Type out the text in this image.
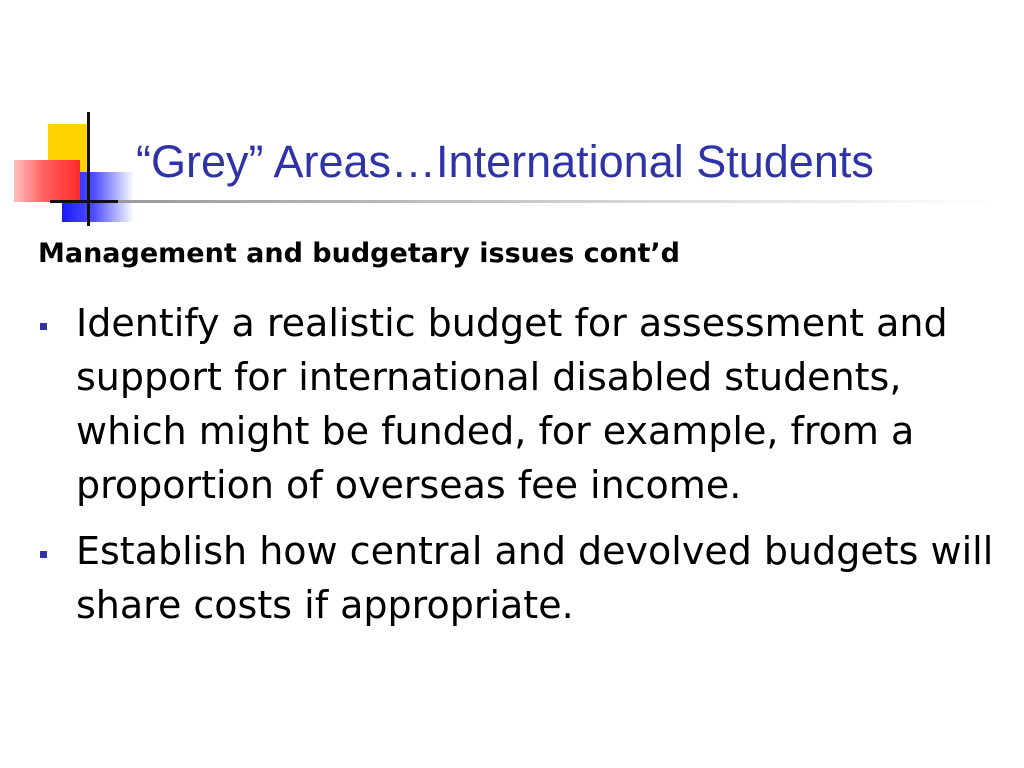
“Grey” Areas…International Students
Management and budgetary issues cont’d
Identify a realistic budget for assessment and support for international disabled students, which might be funded, for example, from a proportion of overseas fee income.
Establish how central and devolved budgets will share costs if appropriate.
